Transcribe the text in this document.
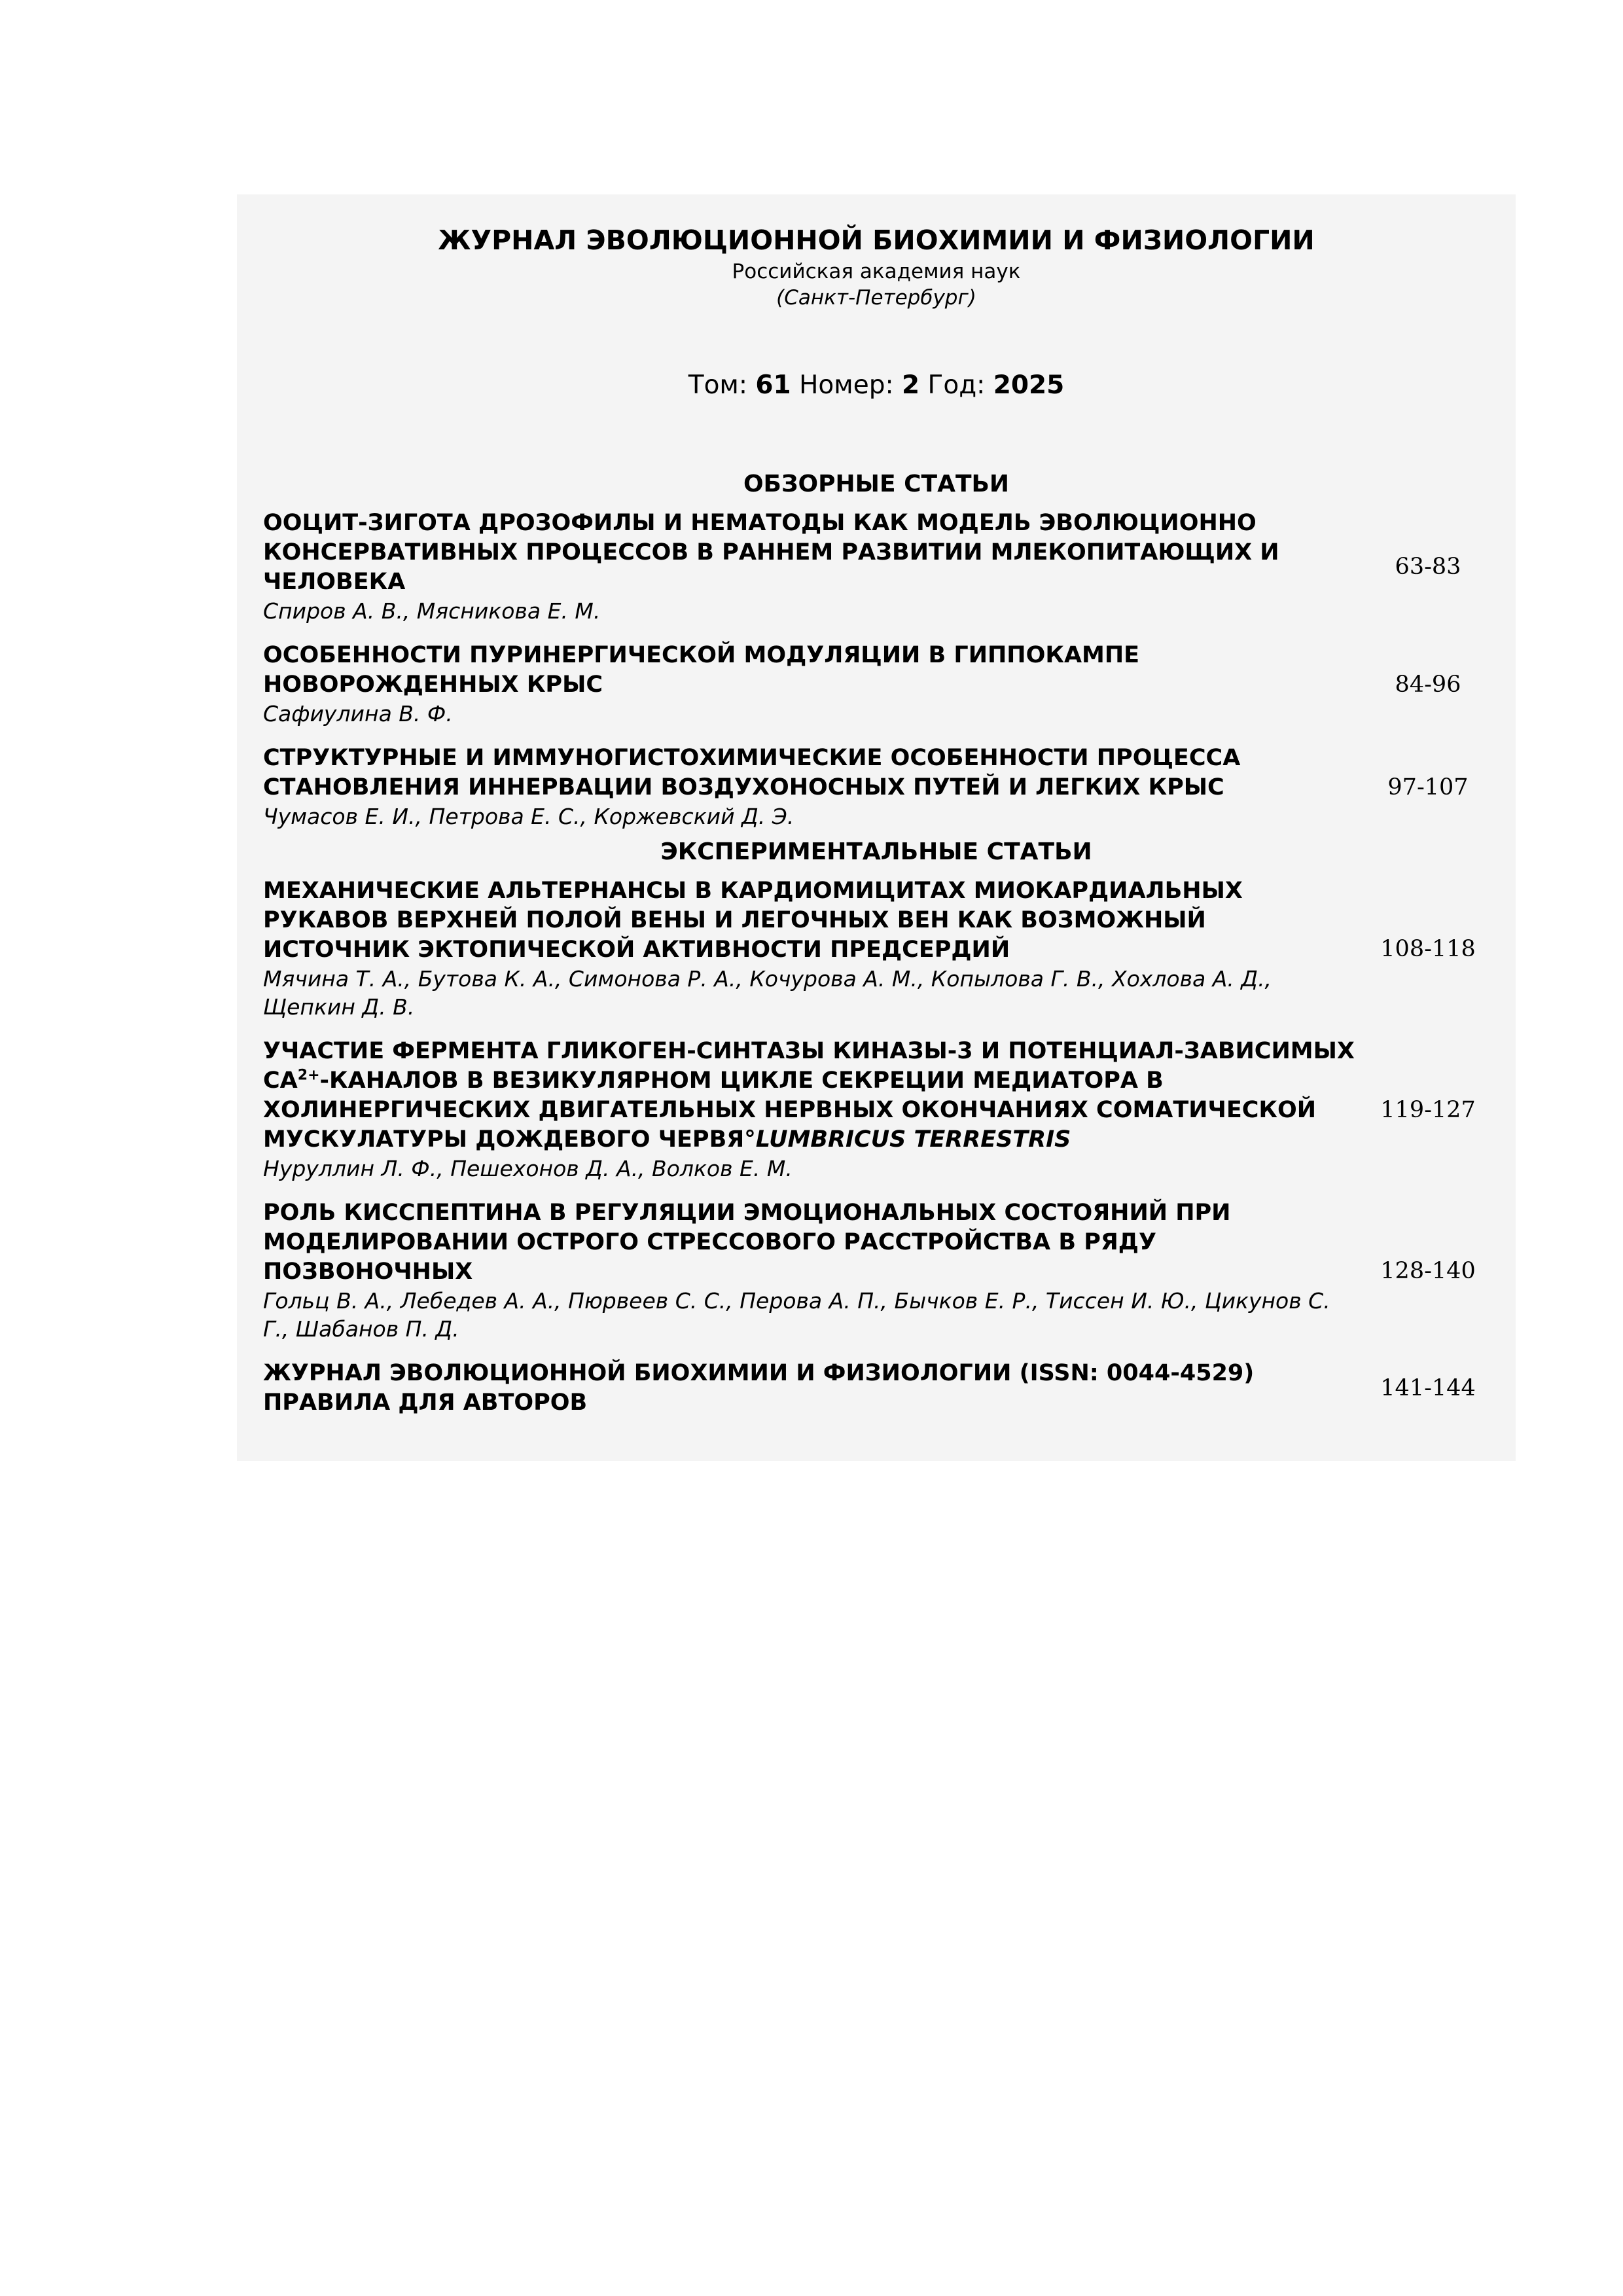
ЖУРНАЛ ЭВОЛЮЦИОННОЙ БИОХИМИИ И ФИЗИОЛОГИИ
Российская академия наук
(Санкт-Петербург)
Том: 61 Номер: 2 Год: 2025
ОБЗОРНЫЕ СТАТЬИ
ООЦИТ-ЗИГОТА ДРОЗОФИЛЫ И НЕМАТОДЫ КАК МОДЕЛЬ ЭВОЛЮЦИОННО КОНСЕРВАТИВНЫХ ПРОЦЕССОВ В РАННЕМ РАЗВИТИИ МЛЕКОПИТАЮЩИХ И ЧЕЛОВЕКА
Спиров А. В., Мясникова Е. М.
63-83
ОСОБЕННОСТИ ПУРИНЕРГИЧЕСКОЙ МОДУЛЯЦИИ В ГИППОКАМПЕ НОВОРОЖДЕННЫХ КРЫС
Сафиулина В. Ф.
84-96
СТРУКТУРНЫЕ И ИММУНОГИСТОХИМИЧЕСКИЕ ОСОБЕННОСТИ ПРОЦЕССА СТАНОВЛЕНИЯ ИННЕРВАЦИИ ВОЗДУХОНОСНЫХ ПУТЕЙ И ЛЕГКИХ КРЫС
Чумасов Е. И., Петрова Е. С., Коржевский Д. Э.
97-107
ЭКСПЕРИМЕНТАЛЬНЫЕ СТАТЬИ
МЕХАНИЧЕСКИЕ АЛЬТЕРНАНСЫ В КАРДИОМИЦИТАХ МИОКАРДИАЛЬНЫХ РУКАВОВ ВЕРХНЕЙ ПОЛОЙ ВЕНЫ И ЛЕГОЧНЫХ ВЕН КАК ВОЗМОЖНЫЙ ИСТОЧНИК ЭКТОПИЧЕСКОЙ АКТИВНОСТИ ПРЕДСЕРДИЙ
Мячина Т. А., Бутова К. А., Симонова Р. А., Кочурова А. М., Копылова Г. В., Хохлова А. Д., Щепкин Д. В.
108-118
УЧАСТИЕ ФЕРМЕНТА ГЛИКОГЕН-СИНТАЗЫ КИНАЗЫ-3 И ПОТЕНЦИАЛ-ЗАВИСИМЫХ $СА^{2+}$-КАНАЛОВ В ВЕЗИКУЛЯРНОМ ЦИКЛЕ СЕКРЕЦИИ МЕДИАТОРА В ХОЛИНЕРГИЧЕСКИХ ДВИГАТЕЛЬНЫХ НЕРВНЫХ ОКОНЧАНИЯХ СОМАТИЧЕСКОЙ МУСКУЛАТУРЫ ДОЖДЕВОГО ЧЕРВЯ°LUMBRICUS TERRESTRIS
Нуруллин Л. Ф., Пешехонов Д. А., Волков Е. М.
119-127
РОЛЬ КИССПЕПТИНА В РЕГУЛЯЦИИ ЭМОЦИОНАЛЬНЫХ СОСТОЯНИЙ ПРИ МОДЕЛИРОВАНИИ ОСТРОГО СТРЕССОВОГО РАССТРОЙСТВА В РЯДУ ПОЗВОНОЧНЫХ
Гольц В. А., Лебедев А. А., Пюрвеев С. С., Перова А. П., Бычков Е. Р., Тиссен И. Ю., Цикунов С. Г., Шабанов П. Д.
128-140
ЖУРНАЛ ЭВОЛЮЦИОННОЙ БИОХИМИИ И ФИЗИОЛОГИИ (ISSN: 0044-4529) ПРАВИЛА ДЛЯ АВТОРОВ
141-144
